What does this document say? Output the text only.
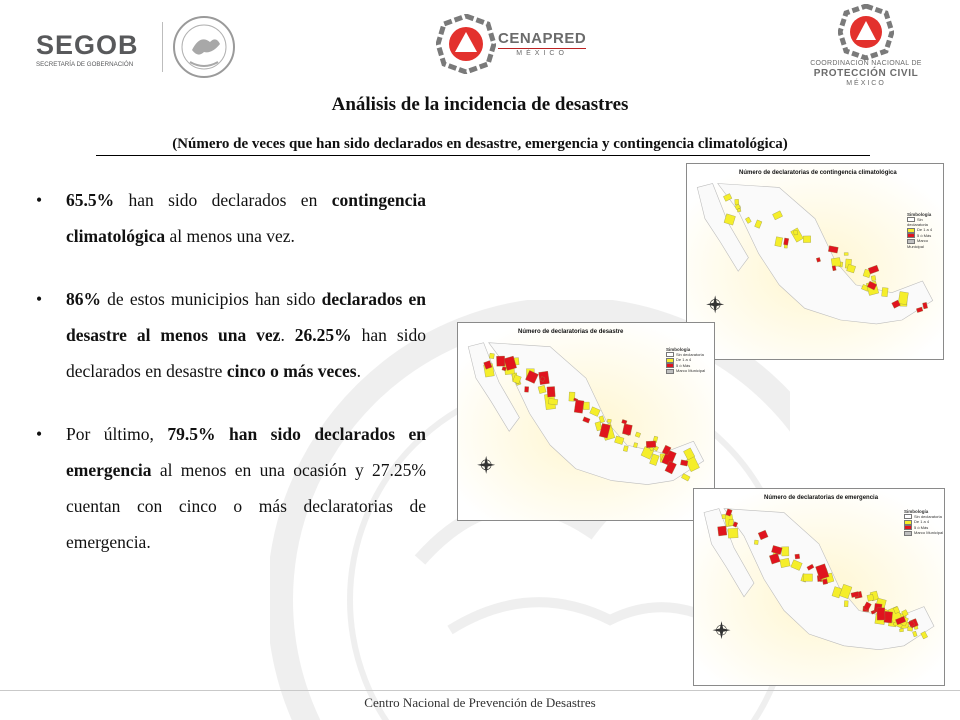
SEGOB
SECRETARÍA DE GOBERNACIÓN
CENAPRED
MÉXICO
COORDINACIÓN NACIONAL DE
PROTECCIÓN CIVIL
MÉXICO
Análisis de la incidencia de desastres
(Número de veces que han sido declarados en desastre, emergencia y contingencia climatológica)
• 65.5% han sido declarados en contingencia climatológica al menos una vez.
• 86% de estos municipios han sido declarados en desastre al menos una vez. 26.25% han sido declarados en desastre cinco o más veces.
• Por último, 79.5% han sido declarados en emergencia al menos en una ocasión y 27.25% cuentan con cinco o más declaratorias de emergencia.
Número de declaratorias de contingencia climatológica
Simbología
Sin declaratoria
De 1 a 4
5 ó Más
Marco Municipal
Número de declaratorias de desastre
Simbología
Sin declaratoria
De 1 a 4
5 ó Más
Marco Municipal
Número de declaratorias de emergencia
Simbología
Sin declaratoria
De 1 a 4
5 ó Más
Marco Municipal
Centro Nacional de Prevención de Desastres
